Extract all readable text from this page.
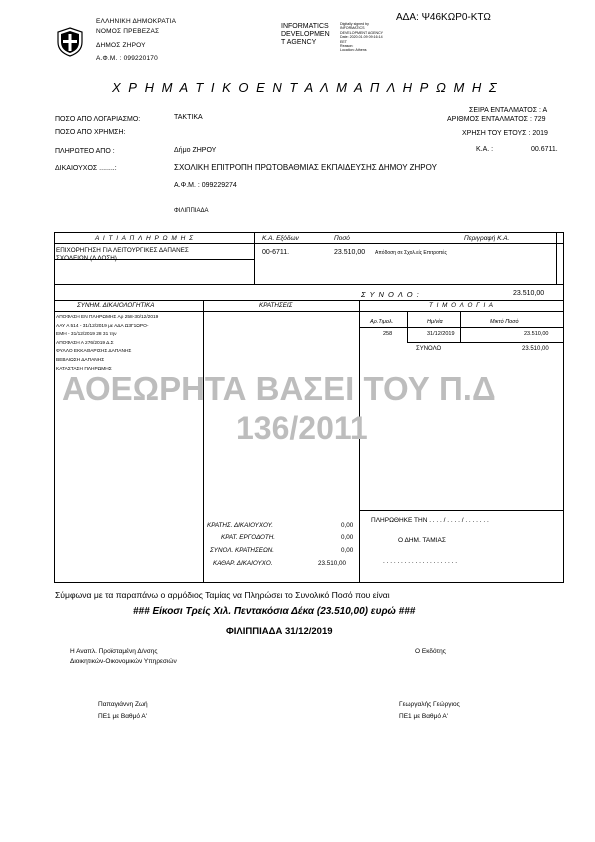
ΕΛΛΗΝΙΚΗ ΔΗΜΟΚΡΑΤΙΑ
ΝΟΜΟΣ ΠΡΕΒΕΖΑΣ
ΔΗΜΟΣ ΖΗΡΟΥ
Α.Φ.Μ. : 099220170
INFORMATICS
DEVELOPMEN
T AGENCY
Digitally signed by
INFORMATICS
DEVELOPMENT AGENCY
Date: 2020.01.09 09:16:14
EET
Reason:
Location: Athens
ΑΔΑ: Ψ46ΚΩΡ0-ΚΤΩ
Χ Ρ Η Μ Α Τ Ι Κ Ο Ε Ν Τ Α Λ Μ Α Π Λ Η Ρ Ω Μ Η Σ
ΣΕΙΡΑ ΕΝΤΑΛΜΑΤΟΣ : Α
ΑΡΙΘΜΟΣ ΕΝΤΑΛΜΑΤΟΣ : 729
ΧΡΗΣΗ ΤΟΥ ΕΤΟΥΣ : 2019
Κ.Α. :	00.6711.
ΠΟΣΟ ΑΠΟ ΛΟΓΑΡΙΑΣΜΟ:	ΤΑΚΤΙΚΑ
ΠΟΣΟ ΑΠΟ ΧΡΗΜΣΗ:
ΠΛΗΡΩΤΕΟ ΑΠΟ :	Δήμο ΖΗΡΟΥ
ΔΙΚΑΙΟΥΧΟΣ ........:	ΣΧΟΛΙΚΗ ΕΠΙΤΡΟΠΗ ΠΡΩΤΟΒΑΘΜΙΑΣ ΕΚΠΑΙΔΕΥΣΗΣ ΔΗΜΟΥ ΖΗΡΟΥ
Α.Φ.Μ. : 099229274
ΦΙΛΙΠΠΙΑΔΑ
Α Ι Τ Ι Α Π Λ Η Ρ Ω Μ Η Σ	Κ.Α. Εξόδων	Ποσό	Περιγραφή Κ.Α.
ΕΠΙΧΟΡΗΓΗΣΗ ΓΙΑ ΛΕΙΤΟΥΡΓΙΚΕΣ ΔΑΠΑΝΕΣ
ΣΧΟΛΕΙΩΝ (Δ ΔΟΣΗ)
00-6711.	23.510,00 Απόδοση σε Σχολ.είς Επιτροπές
Σ Υ Ν Ο Λ Ο :	23.510,00
ΣΥΝΗΜ. ΔΙΚΑΙΟΛΟΓΗΤΙΚΑ	ΚΡΑΤΗΣΕΙΣ	Τ Ι Μ Ο Λ Ο Γ Ι Α
ΑΠΟΦΑΣΗ ΕΝ ΠΛΗΡΩΜΗΣ Αρ 258-30/12/2019
ΑΑΥ Α 514 - 31/12/2019 με ΑΔΑ Ω3Γ1ΩΡΟ-
ΕΜΗ - 31/12/2019 28 31 την
ΑΠΟΦΑΣΗ Α 276/2019 Δ.Σ
ΦΥΛΛΟ ΕΚΚΑΘΑΡΙΣΗΣ ΔΑΠΑΝΗΣ
ΒΕΒΑΙΩΣΗ ΔΑΠΑΝΗΣ
ΚΑΤΑΣΤΑΣΗ ΠΛΗΡΩΜΗΣ
Αρ.Τιμολ.	Ημ/νία	Μικτό Ποσό
258	31/12/2019	23.510,00
ΣΥΝΟΛΟ	23.510,00
ΚΡΑΤΗΣ. ΔΙΚΑΙΟΥΧΟΥ.	0,00
ΚΡΑΤ. ΕΡΓΟΔΟΤΗ.	0,00
ΣΥΝΟΛ. ΚΡΑΤΗΣΕΩΝ.	0,00
ΚΑΘΑΡ. ΔΙΚΑΙΟΥΧΟ.	23.510,00
ΠΛΗΡΩΘΗΚΕ ΤΗΝ . . . . / . . . . / . . . . . . .
Ο ΔΗΜ. ΤΑΜΙΑΣ
. . . . . . . . . . . . . . . . . . . . .
ΑΟΕΩΡΗΤΑ ΒΑΣΕΙ ΤΟΥ Π.Δ
136/2011
Σύμφωνα με τα παραπάνω ο αρμόδιος Ταμίας να Πληρώσει το Συνολικό Ποσό που είναι
### Είκοσι Τρείς Χιλ. Πεντακόσια Δέκα (23.510,00) ευρώ ###
ΦΙΛΙΠΠΙΑΔΑ 31/12/2019
Η Αναπλ. Προϊσταμένη Δ/νσης
Διοικητικών-Οικονομικών Υπηρεσιών
Ο Εκδότης
Παπαγιάννη Ζωή
ΠΕ1 με Βαθμό Α'
Γεωργαλής Γεώργιος
ΠΕ1 με Βαθμό Α'
